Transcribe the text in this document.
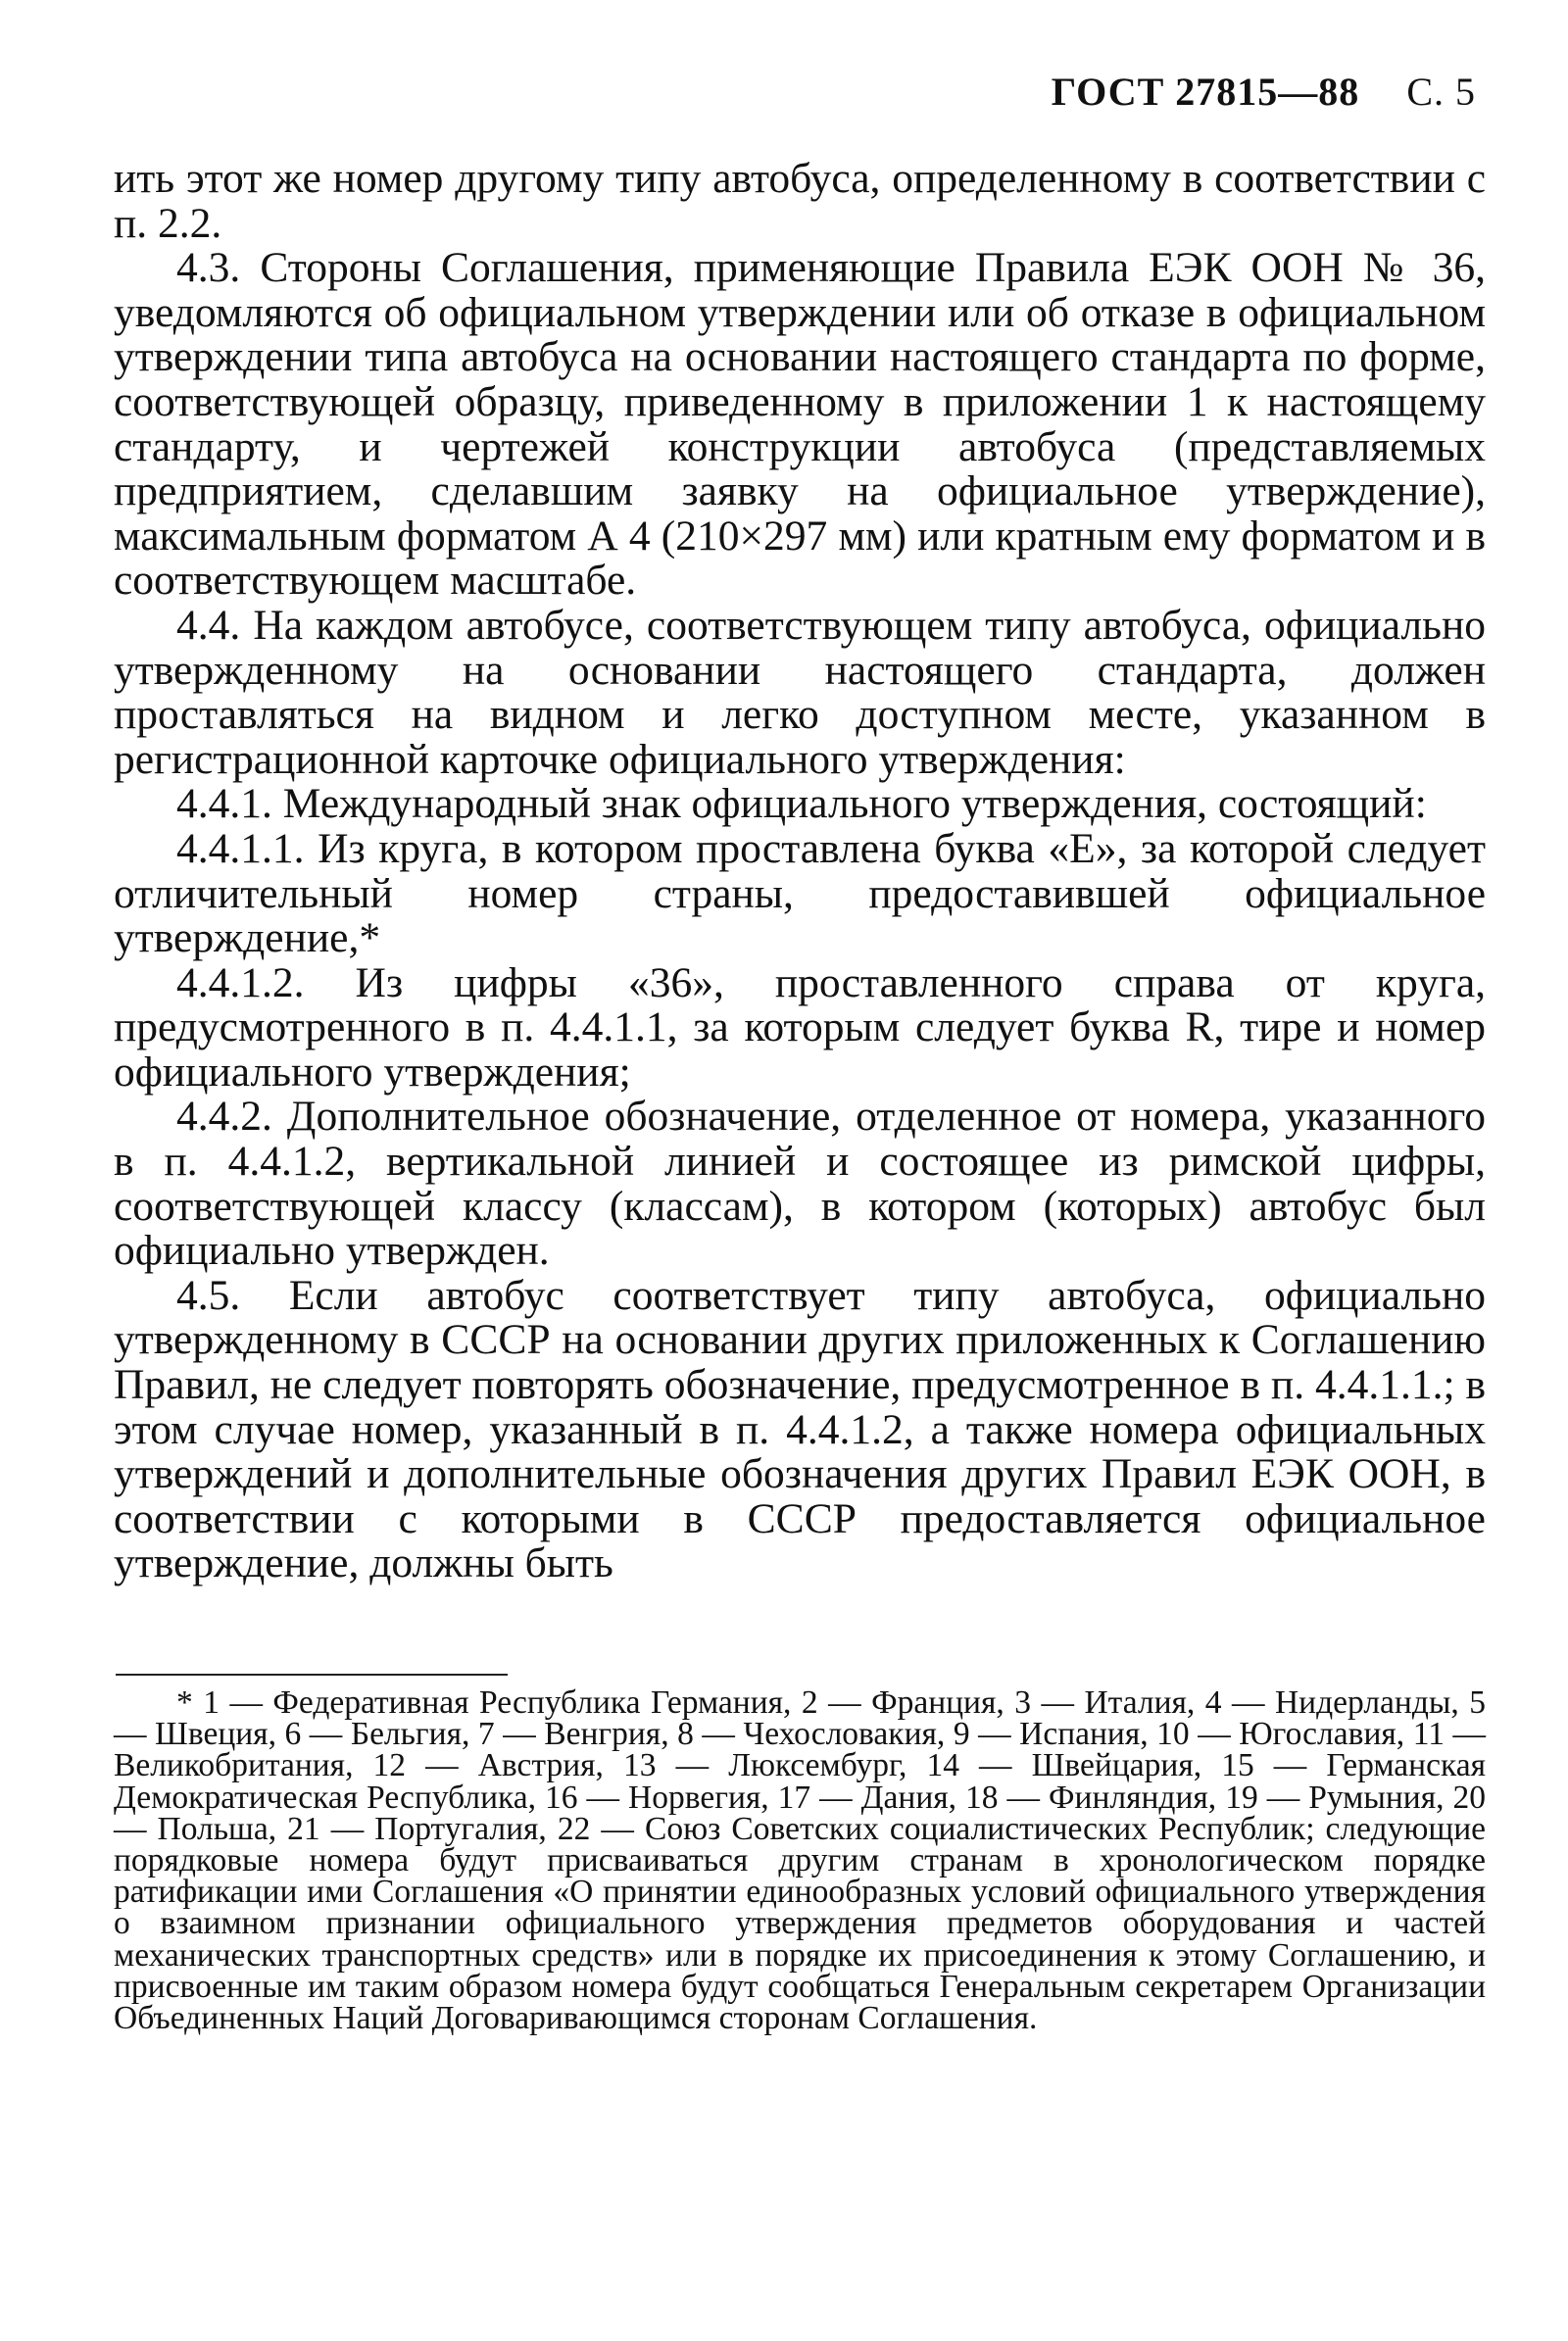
ГОСТ 27815—88 С. 5

ить этот же номер другому типу автобуса, определенному в соответствии с п. 2.2.

4.3. Стороны Соглашения, применяющие Правила ЕЭК ООН № 36, уведомляются об официальном утверждении или об отказе в официальном утверждении типа автобуса на основании настоящего стандарта по форме, соответствующей образцу, приведенному в приложении 1 к настоящему стандарту, и чертежей конструкции автобуса (представляемых предприятием, сделавшим заявку на официальное утверждение), максимальным форматом А 4 (210×297 мм) или кратным ему форматом и в соответствующем масштабе.

4.4. На каждом автобусе, соответствующем типу автобуса, официально утвержденному на основании настоящего стандарта, должен проставляться на видном и легко доступном месте, указанном в регистрационной карточке официального утверждения:

4.4.1. Международный знак официального утверждения, состоящий:

4.4.1.1. Из круга, в котором проставлена буква «E», за которой следует отличительный номер страны, предоставившей официальное утверждение,*

4.4.1.2. Из цифры «36», проставленного справа от круга, предусмотренного в п. 4.4.1.1, за которым следует буква R, тире и номер официального утверждения;

4.4.2. Дополнительное обозначение, отделенное от номера, указанного в п. 4.4.1.2, вертикальной линией и состоящее из римской цифры, соответствующей классу (классам), в котором (которых) автобус был официально утвержден.

4.5. Если автобус соответствует типу автобуса, официально утвержденному в СССР на основании других приложенных к Соглашению Правил, не следует повторять обозначение, предусмотренное в п. 4.4.1.1.; в этом случае номер, указанный в п. 4.4.1.2, а также номера официальных утверждений и дополнительные обозначения других Правил ЕЭК ООН, в соответствии с которыми в СССР предоставляется официальное утверждение, должны быть

* 1 — Федеративная Республика Германия, 2 — Франция, 3 — Италия, 4 — Нидерланды, 5 — Швеция, 6 — Бельгия, 7 — Венгрия, 8 — Чехословакия, 9 — Испания, 10 — Югославия, 11 — Великобритания, 12 — Австрия, 13 — Люксембург, 14 — Швейцария, 15 — Германская Демократическая Республика, 16 — Норвегия, 17 — Дания, 18 — Финляндия, 19 — Румыния, 20 — Польша, 21 — Португалия, 22 — Союз Советских социалистических Республик; следующие порядковые номера будут присваиваться другим странам в хронологическом порядке ратификации ими Соглашения «О принятии единообразных условий официального утверждения о взаимном признании официального утверждения предметов оборудования и частей механических транспортных средств» или в порядке их присоединения к этому Соглашению, и присвоенные им таким образом номера будут сообщаться Генеральным секретарем Организации Объединенных Наций Договаривающимся сторонам Соглашения.
